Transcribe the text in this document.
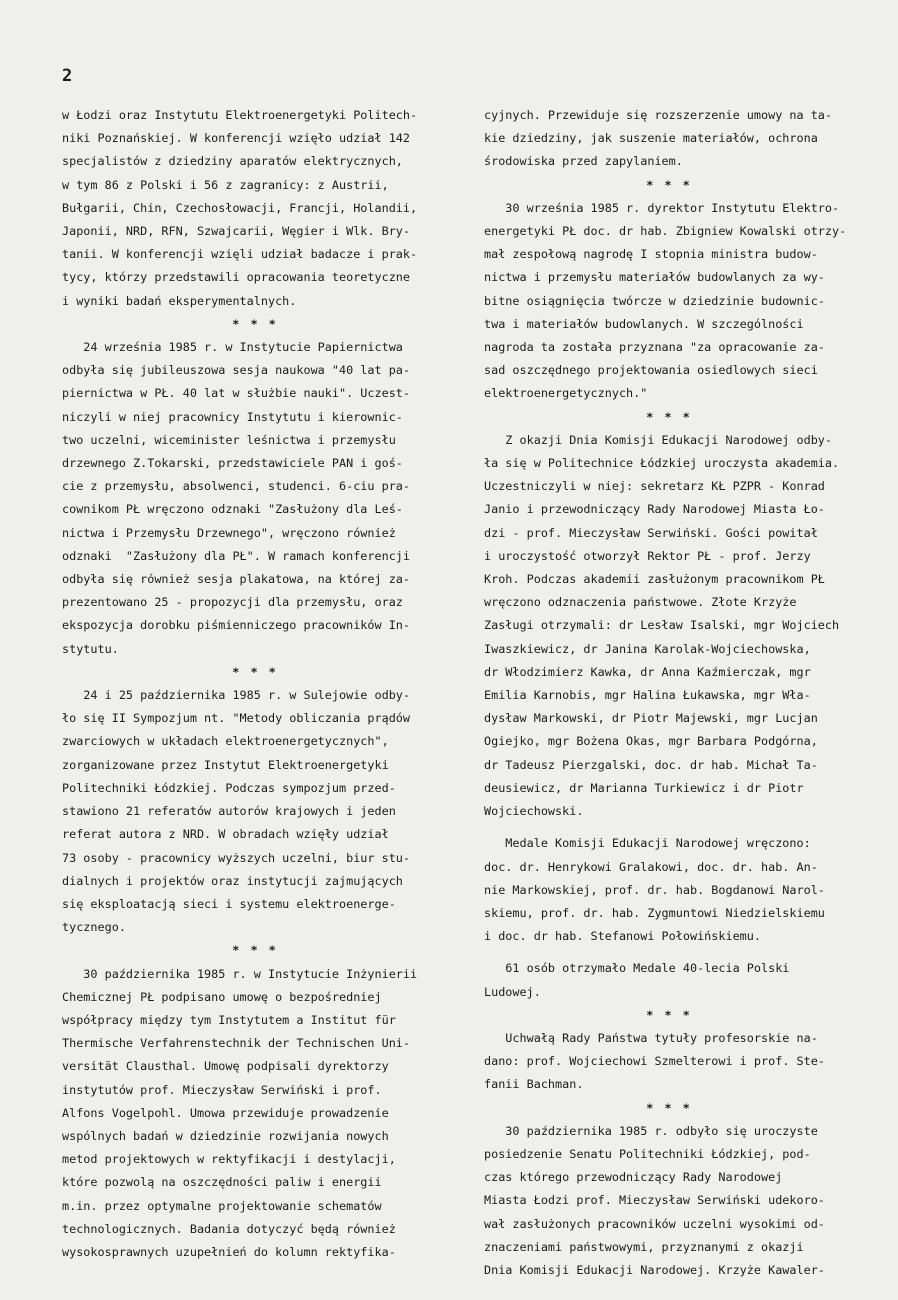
2

w Łodzi oraz Instytutu Elektroenergetyki Politech-
niki Poznańskiej. W konferencji wzięło udział 142
specjalistów z dziedziny aparatów elektrycznych,
w tym 86 z Polski i 56 z zagranicy: z Austrii,
Bułgarii, Chin, Czechosłowacji, Francji, Holandii,
Japonii, NRD, RFN, Szwajcarii, Węgier i Wlk. Bry-
tanii. W konferencji wzięli udział badacze i prak-
tycy, którzy przedstawili opracowania teoretyczne
i wyniki badań eksperymentalnych.

* * *

24 września 1985 r. w Instytucie Papiernictwa
odbyła się jubileuszowa sesja naukowa "40 lat pa-
piernictwa w PŁ. 40 lat w służbie nauki". Uczest-
niczyli w niej pracownicy Instytutu i kierownic-
two uczelni, wiceminister leśnictwa i przemysłu
drzewnego Z.Tokarski, przedstawiciele PAN i goś-
cie z przemysłu, absolwenci, studenci. 6-ciu pra-
cownikom PŁ wręczono odznaki "Zasłużony dla Leś-
nictwa i Przemysłu Drzewnego", wręczono również
odznaki  "Zasłużony dla PŁ". W ramach konferencji
odbyła się również sesja plakatowa, na której za-
prezentowano 25 - propozycji dla przemysłu, oraz
ekspozycja dorobku piśmienniczego pracowników In-
stytutu.

* * *

24 i 25 października 1985 r. w Sulejowie odby-
ło się II Sympozjum nt. "Metody obliczania prądów
zwarciowych w układach elektroenergetycznych",
zorganizowane przez Instytut Elektroenergetyki
Politechniki Łódzkiej. Podczas sympozjum przed-
stawiono 21 referatów autorów krajowych i jeden
referat autora z NRD. W obradach wzięły udział
73 osoby - pracownicy wyższych uczelni, biur stu-
dialnych i projektów oraz instytucji zajmujących
się eksploatacją sieci i systemu elektroenerge-
tycznego.

* * *

30 października 1985 r. w Instytucie Inżynierii
Chemicznej PŁ podpisano umowę o bezpośredniej
współpracy między tym Instytutem a Institut für
Thermische Verfahrenstechnik der Technischen Uni-
versität Clausthal. Umowę podpisali dyrektorzy
instytutów prof. Mieczysław Serwiński i prof.
Alfons Vogelpohl. Umowa przewiduje prowadzenie
wspólnych badań w dziedzinie rozwijania nowych
metod projektowych w rektyfikacji i destylacji,
które pozwolą na oszczędności paliw i energii
m.in. przez optymalne projektowanie schematów
technologicznych. Badania dotyczyć będą również
wysokosprawnych uzupełnień do kolumn rektyfika-
cyjnych. Przewiduje się rozszerzenie umowy na ta-
kie dziedziny, jak suszenie materiałów, ochrona
środowiska przed zapylaniem.

* * *

30 września 1985 r. dyrektor Instytutu Elektro-
energetyki PŁ doc. dr hab. Zbigniew Kowalski otrzy-
mał zespołową nagrodę I stopnia ministra budow-
nictwa i przemysłu materiałów budowlanych za wy-
bitne osiągnięcia twórcze w dziedzinie budownic-
twa i materiałów budowlanych. W szczególności
nagroda ta została przyznana "za opracowanie za-
sad oszczędnego projektowania osiedlowych sieci
elektroenergetycznych."

* * *

Z okazji Dnia Komisji Edukacji Narodowej odby-
ła się w Politechnice Łódzkiej uroczysta akademia.
Uczestniczyli w niej: sekretarz KŁ PZPR - Konrad
Janio i przewodniczący Rady Narodowej Miasta Ło-
dzi - prof. Mieczysław Serwiński. Gości powitał
i uroczystość otworzył Rektor PŁ - prof. Jerzy
Kroh. Podczas akademii zasłużonym pracownikom PŁ
wręczono odznaczenia państwowe. Złote Krzyże
Zasługi otrzymali: dr Lesław Isalski, mgr Wojciech
Iwaszkiewicz, dr Janina Karolak-Wojciechowska,
dr Włodzimierz Kawka, dr Anna Kaźmierczak, mgr
Emilia Karnobis, mgr Halina Łukawska, mgr Wła-
dysław Markowski, dr Piotr Majewski, mgr Lucjan
Ogiejko, mgr Bożena Okas, mgr Barbara Podgórna,
dr Tadeusz Pierzgalski, doc. dr hab. Michał Ta-
deusiewicz, dr Marianna Turkiewicz i dr Piotr
Wojciechowski.
Medale Komisji Edukacji Narodowej wręczono:
doc. dr. Henrykowi Gralakowi, doc. dr. hab. An-
nie Markowskiej, prof. dr. hab. Bogdanowi Narol-
skiemu, prof. dr. hab. Zygmuntowi Niedzielskiemu
i doc. dr hab. Stefanowi Połowińskiemu.
61 osób otrzymało Medale 40-lecia Polski
Ludowej.

* * *

Uchwałą Rady Państwa tytuły profesorskie na-
dano: prof. Wojciechowi Szmelterowi i prof. Ste-
fanii Bachman.

* * *

30 października 1985 r. odbyło się uroczyste
posiedzenie Senatu Politechniki Łódzkiej, pod-
czas którego przewodniczący Rady Narodowej
Miasta Łodzi prof. Mieczysław Serwiński udekoro-
wał zasłużonych pracowników uczelni wysokimi od-
znaczeniami państwowymi, przyznanymi z okazji
Dnia Komisji Edukacji Narodowej. Krzyże Kawaler-
